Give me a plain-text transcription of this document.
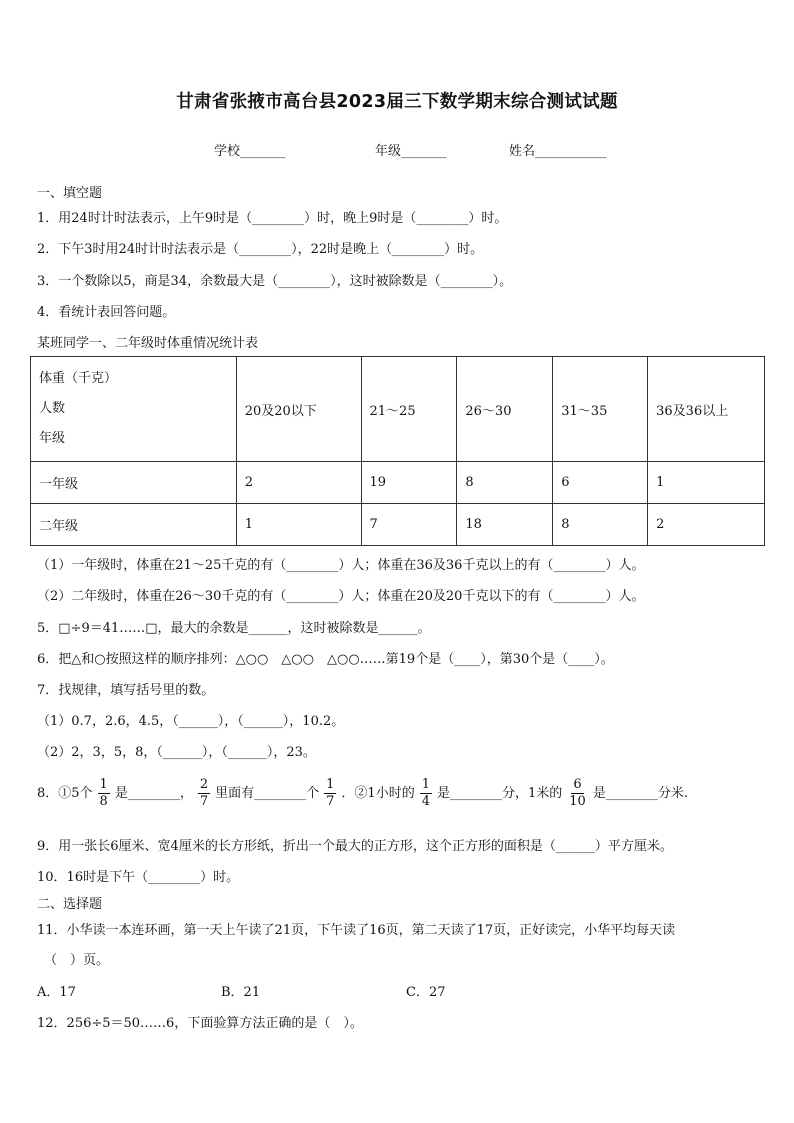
甘肃省张掖市高台县2023届三下数学期末综合测试试题
学校_______	年级_______	姓名___________
一、填空题
1．用24时计时法表示，上午9时是（________）时，晚上9时是（________）时。
2．下午3时用24时计时法表示是（________），22时是晚上（________）时。
3．一个数除以5，商是34，余数最大是（________），这时被除数是（________）。
4．看统计表回答问题。
某班同学一、二年级时体重情况统计表
体重（千克）
人数
年级	20及20以下	21～25	26～30	31～35	36及36以上
一年级	2	19	8	6	1
二年级	1	7	18	8	2
（1）一年级时，体重在21～25千克的有（________）人；体重在36及36千克以上的有（________）人。
（2）二年级时，体重在26～30千克的有（________）人；体重在20及20千克以下的有（________）人。
5．□÷9＝41……□，最大的余数是______，这时被除数是______。
6．把△和○按照这样的顺序排列：△○○　△○○　△○○……第19个是（____），第30个是（____）。
7．找规律，填写括号里的数。
（1）0.7，2.6，4.5，（______），（______），10.2。
（2）2，3，5，8，（______），（______），23。
8．①5个 $\frac{1}{8}$ 是________， $\frac{2}{7}$ 里面有________个 $\frac{1}{7}$ ．②1小时的 $\frac{1}{4}$ 是________分，1米的 $\frac{6}{10}$ 是________分米.
9．用一张长6厘米、宽4厘米的长方形纸，折出一个最大的正方形，这个正方形的面积是（______）平方厘米。
10．16时是下午（________）时。
二、选择题
11．小华读一本连环画，第一天上午读了21页，下午读了16页，第二天读了17页，正好读完，小华平均每天读
（　）页。
A．17	B．21	C．27
12．256÷5＝50……6，下面验算方法正确的是（　）。
